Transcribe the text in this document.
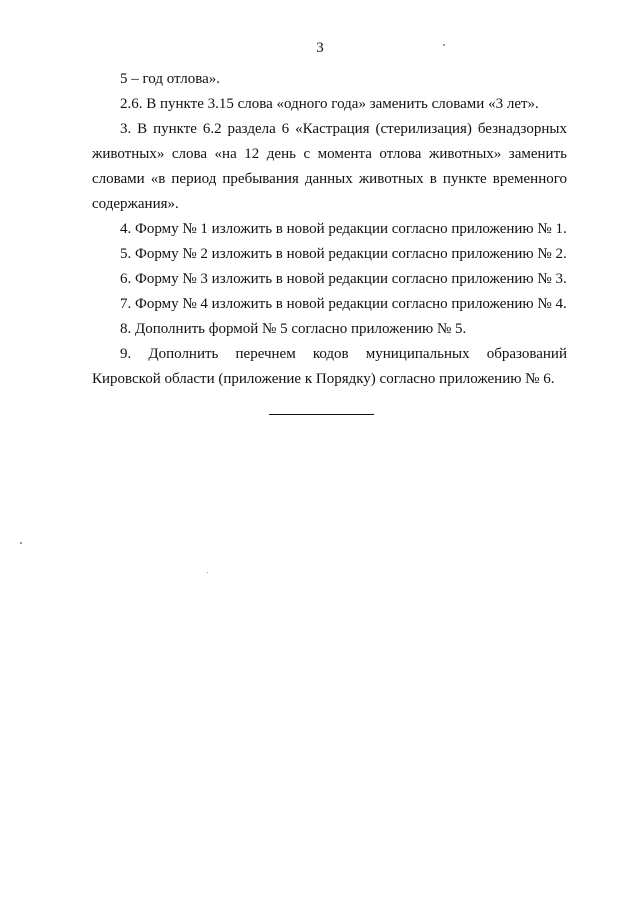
3

5 – год отлова».

2.6. В пункте 3.15 слова «одного года» заменить словами «3 лет».

3. В пункте 6.2 раздела 6 «Кастрация (стерилизация) безнадзорных животных» слова «на 12 день с момента отлова животных» заменить словами «в период пребывания данных животных в пункте временного содержания».

4. Форму № 1 изложить в новой редакции согласно приложению № 1.

5. Форму № 2 изложить в новой редакции согласно приложению № 2.

6. Форму № 3 изложить в новой редакции согласно приложению № 3.

7. Форму № 4 изложить в новой редакции согласно приложению № 4.

8. Дополнить формой № 5 согласно приложению № 5.

9. Дополнить перечнем кодов муниципальных образований Кировской области (приложение к Порядку) согласно приложению № 6.
